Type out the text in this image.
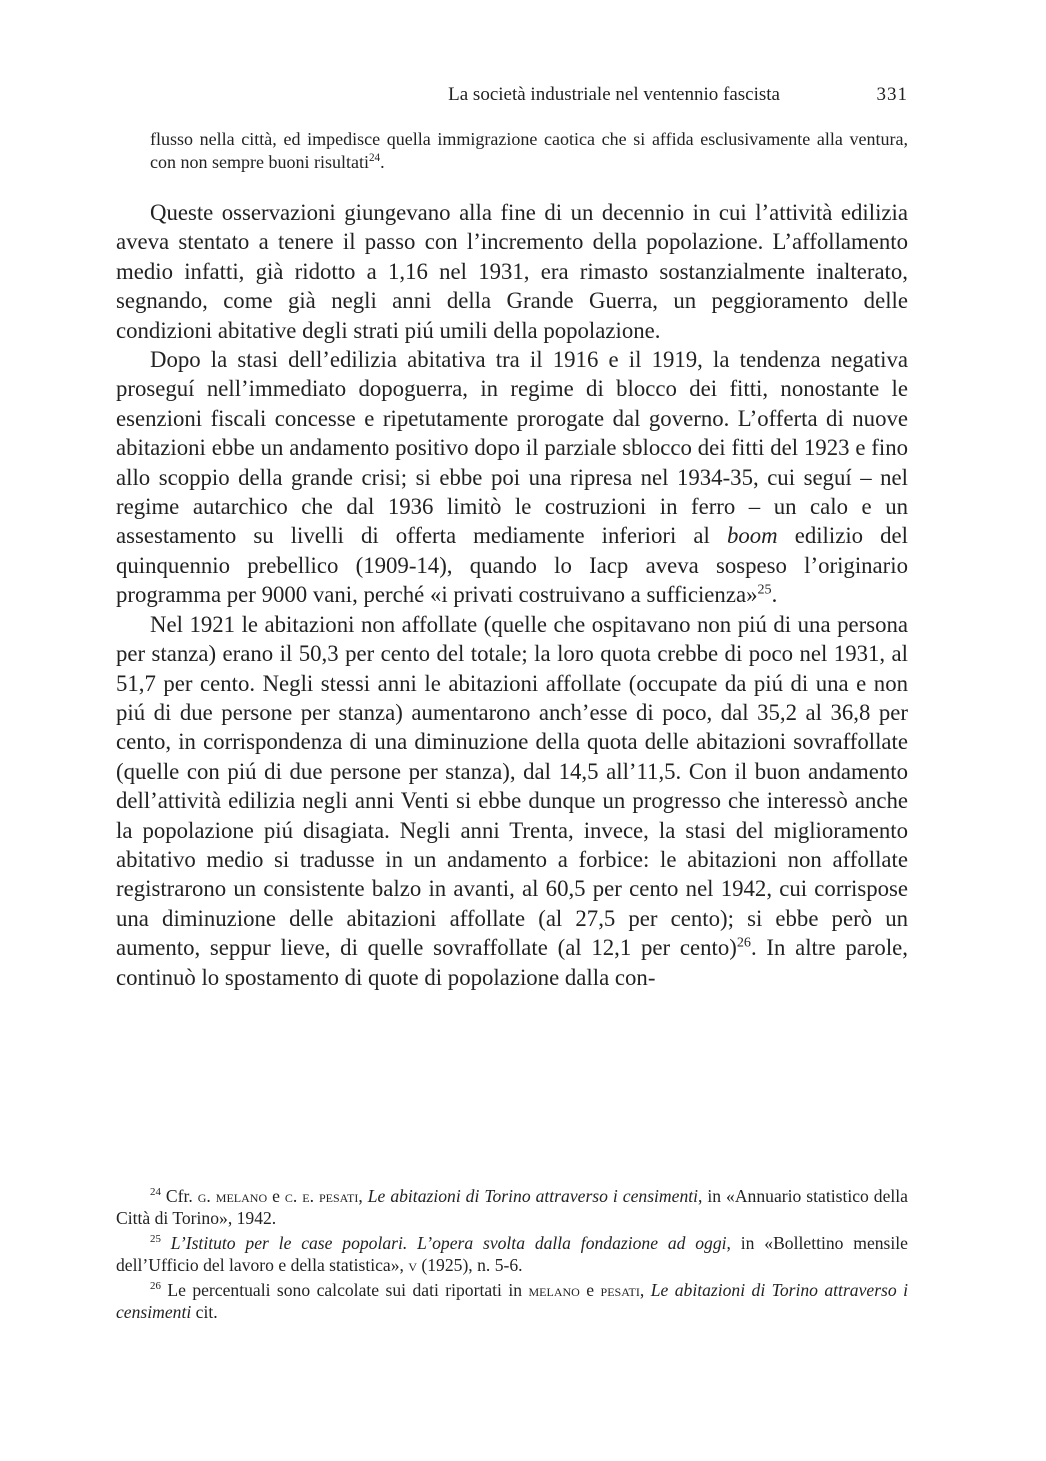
La società industriale nel ventennio fascista	331
flusso nella città, ed impedisce quella immigrazione caotica che si affida esclusivamente alla ventura, con non sempre buoni risultati$^{24}$.

Queste osservazioni giungevano alla fine di un decennio in cui l’attività edilizia aveva stentato a tenere il passo con l’incremento della popolazione. L’affollamento medio infatti, già ridotto a 1,16 nel 1931, era rimasto sostanzialmente inalterato, segnando, come già negli anni della Grande Guerra, un peggioramento delle condizioni abitative degli strati piú umili della popolazione.

Dopo la stasi dell’edilizia abitativa tra il 1916 e il 1919, la tendenza negativa proseguí nell’immediato dopoguerra, in regime di blocco dei fitti, nonostante le esenzioni fiscali concesse e ripetutamente prorogate dal governo. L’offerta di nuove abitazioni ebbe un andamento positivo dopo il parziale sblocco dei fitti del 1923 e fino allo scoppio della grande crisi; si ebbe poi una ripresa nel 1934-35, cui seguí – nel regime autarchico che dal 1936 limitò le costruzioni in ferro – un calo e un assestamento su livelli di offerta mediamente inferiori al boom edilizio del quinquennio prebellico (1909-14), quando lo Iacp aveva sospeso l’originario programma per 9000 vani, perché «i privati costruivano a sufficienza»$^{25}$.

Nel 1921 le abitazioni non affollate (quelle che ospitavano non piú di una persona per stanza) erano il 50,3 per cento del totale; la loro quota crebbe di poco nel 1931, al 51,7 per cento. Negli stessi anni le abitazioni affollate (occupate da piú di una e non piú di due persone per stanza) aumentarono anch’esse di poco, dal 35,2 al 36,8 per cento, in corrispondenza di una diminuzione della quota delle abitazioni sovraffollate (quelle con piú di due persone per stanza), dal 14,5 all’11,5. Con il buon andamento dell’attività edilizia negli anni Venti si ebbe dunque un progresso che interessò anche la popolazione piú disagiata. Negli anni Trenta, invece, la stasi del miglioramento abitativo medio si tradusse in un andamento a forbice: le abitazioni non affollate registrarono un consistente balzo in avanti, al 60,5 per cento nel 1942, cui corrispose una diminuzione delle abitazioni affollate (al 27,5 per cento); si ebbe però un aumento, seppur lieve, di quelle sovraffollate (al 12,1 per cento)$^{26}$. In altre parole, continuò lo spostamento di quote di popolazione dalla con-

$^{24}$ Cfr. g. melano e c. e. pesati, Le abitazioni di Torino attraverso i censimenti, in «Annuario statistico della Città di Torino», 1942.

$^{25}$ L’Istituto per le case popolari. L’opera svolta dalla fondazione ad oggi, in «Bollettino mensile dell’Ufficio del lavoro e della statistica», v (1925), n. 5-6.

$^{26}$ Le percentuali sono calcolate sui dati riportati in melano e pesati, Le abitazioni di Torino attraverso i censimenti cit.
